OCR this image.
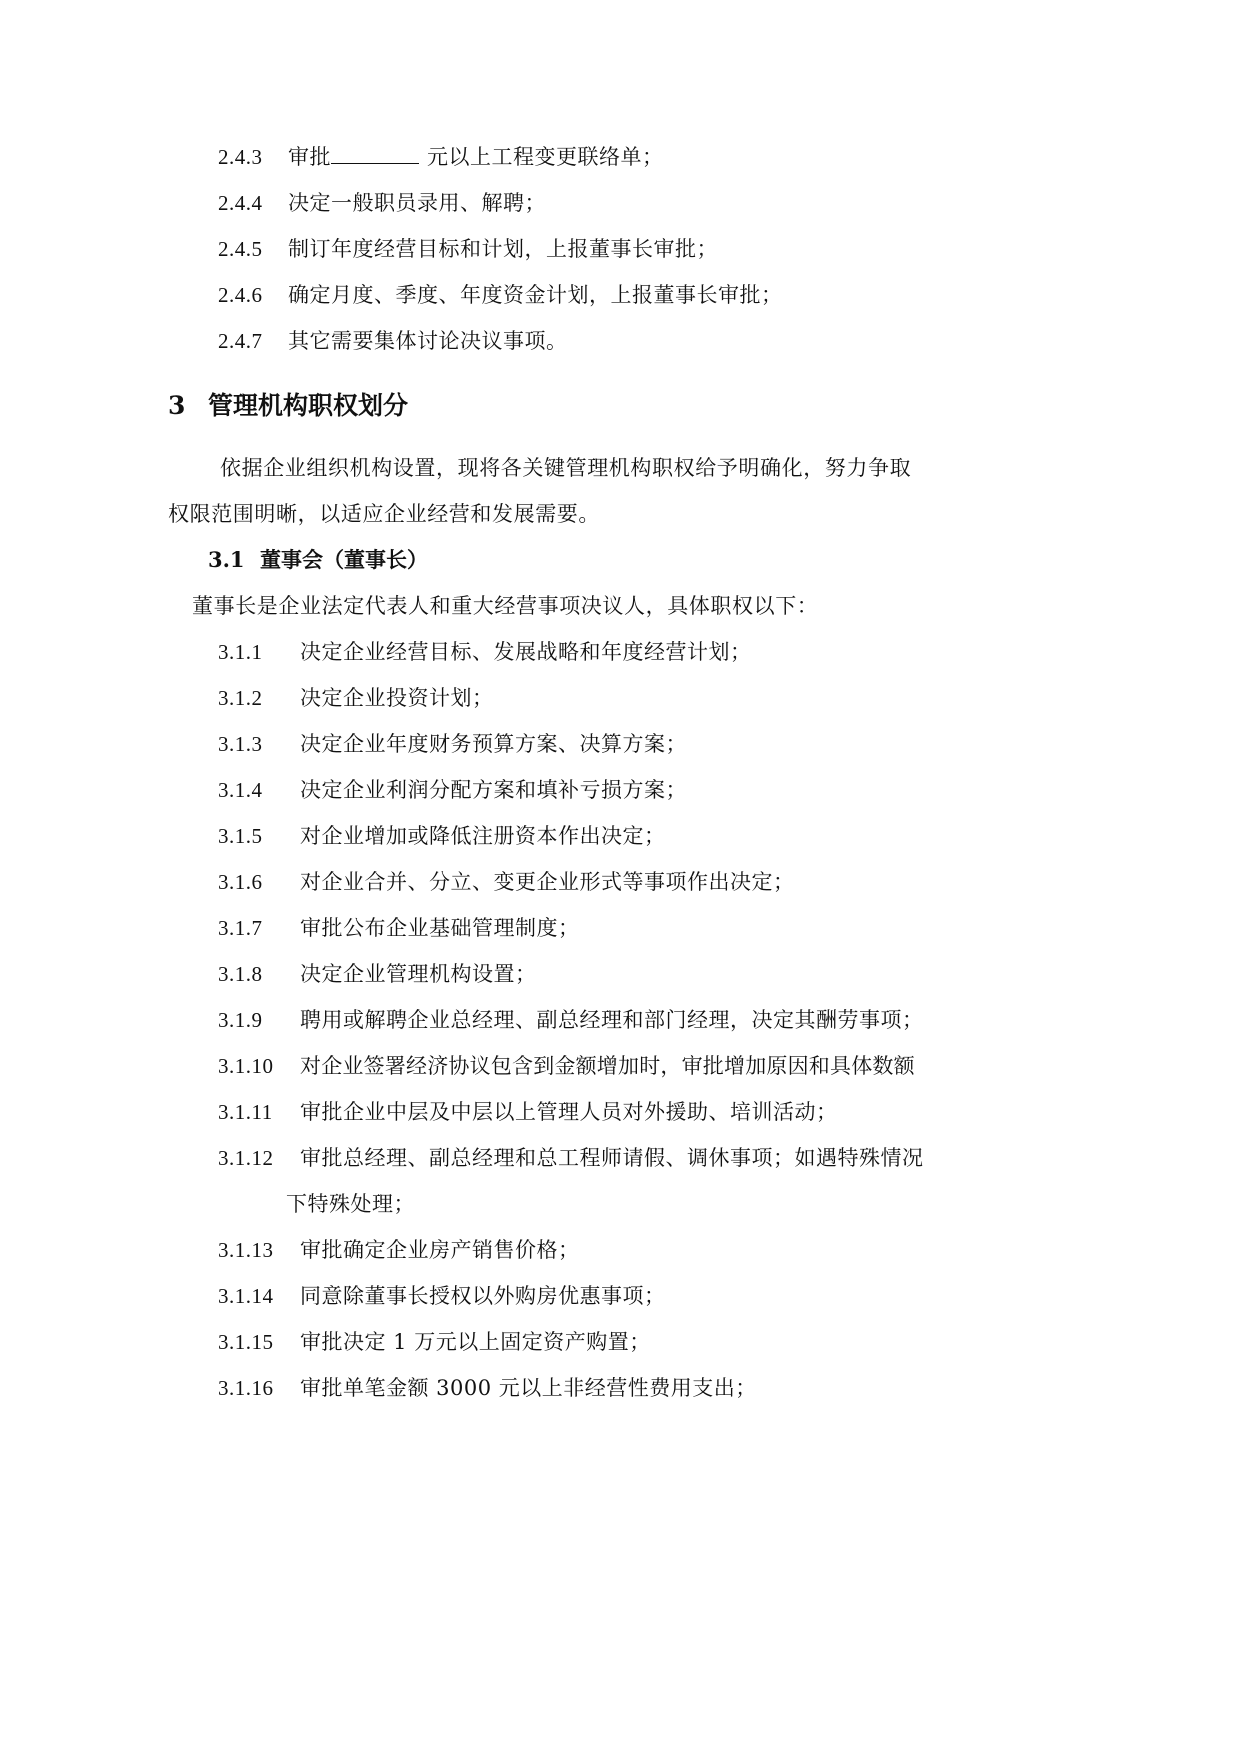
2.4.3 审批	元以上工程变更联络单；
2.4.4 决定一般职员录用、解聘；
2.4.5 制订年度经营目标和计划，上报董事长审批；
2.4.6 确定月度、季度、年度资金计划，上报董事长审批；
2.4.7 其它需要集体讨论决议事项。
3 管理机构职权划分
依据企业组织机构设置，现将各关键管理机构职权给予明确化，努力争取
权限范围明晰，以适应企业经营和发展需要。
3.1 董事会（董事长）
董事长是企业法定代表人和重大经营事项决议人，具体职权以下：
3.1.1 决定企业经营目标、发展战略和年度经营计划；
3.1.2 决定企业投资计划；
3.1.3 决定企业年度财务预算方案、决算方案；
3.1.4 决定企业利润分配方案和填补亏损方案；
3.1.5 对企业增加或降低注册资本作出决定；
3.1.6 对企业合并、分立、变更企业形式等事项作出决定；
3.1.7 审批公布企业基础管理制度；
3.1.8 决定企业管理机构设置；
3.1.9 聘用或解聘企业总经理、副总经理和部门经理，决定其酬劳事项；
3.1.10 对企业签署经济协议包含到金额增加时，审批增加原因和具体数额
3.1.11 审批企业中层及中层以上管理人员对外援助、培训活动；
3.1.12 审批总经理、副总经理和总工程师请假、调休事项；如遇特殊情况
下特殊处理；
3.1.13 审批确定企业房产销售价格；
3.1.14 同意除董事长授权以外购房优惠事项；
3.1.15 审批决定 1 万元以上固定资产购置；
3.1.16 审批单笔金额 3000 元以上非经营性费用支出；
